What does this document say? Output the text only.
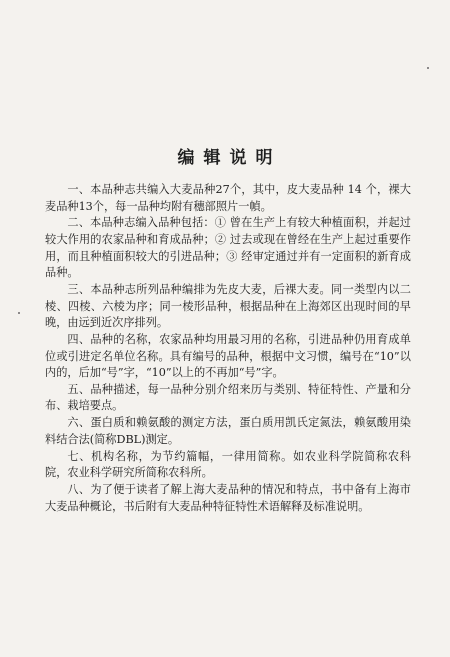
编辑说明

一、本品种志共编入大麦品种27个，其中，皮大麦品种 14 个，裸大麦品种13个，每一品种均附有穗部照片一幀。

二、本品种志编入品种包括：① 曾在生产上有较大种植面积，并起过较大作用的农家品种和育成品种；② 过去或现在曾经在生产上起过重要作用，而且种植面积较大的引进品种；③ 经审定通过并有一定面积的新育成品种。

三、本品种志所列品种编排为先皮大麦，后裸大麦。同一类型内以二棱、四棱、六棱为序；同一棱形品种，根据品种在上海郊区出现时间的早晚，由远到近次序排列。

四、品种的名称，农家品种均用最习用的名称，引进品种仍用育成单位或引进定名单位名称。具有编号的品种，根据中文习惯，编号在“10”以内的，后加“号”字，“10”以上的不再加“号”字。

五、品种描述，每一品种分别介绍来历与类别、特征特性、产量和分布、栽培要点。

六、蛋白质和赖氨酸的测定方法，蛋白质用凯氏定氮法，赖氨酸用染料结合法(简称DBL)测定。

七、机构名称，为节约篇幅，一律用简称。如农业科学院简称农科院，农业科学研究所简称农科所。

八、为了便于读者了解上海大麦品种的情况和特点，书中备有上海市大麦品种概论，书后附有大麦品种特征特性术语解释及标准说明。
